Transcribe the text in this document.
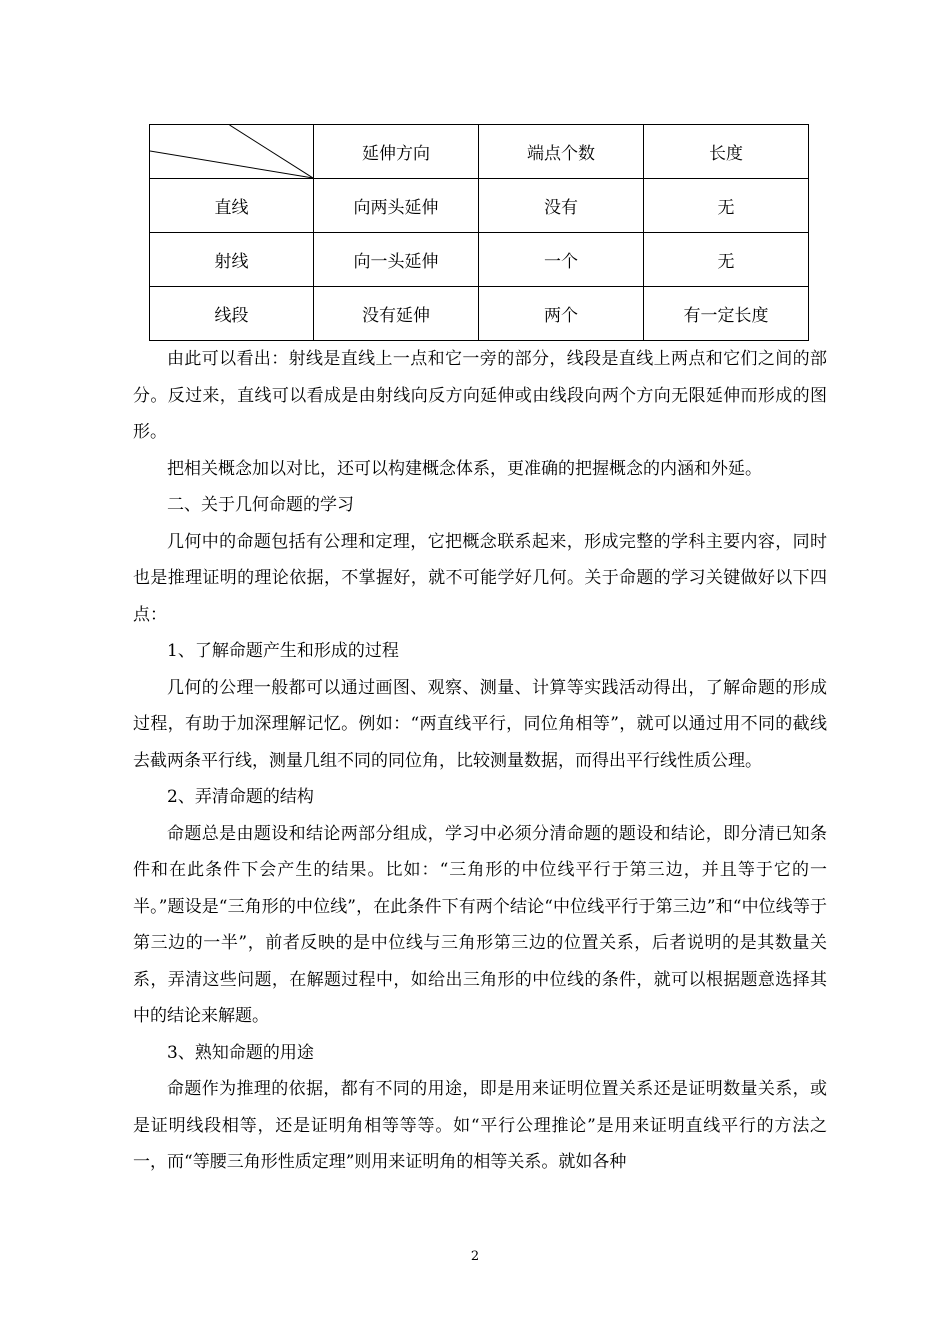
	延伸方向	端点个数	长度
直线	向两头延伸	没有	无
射线	向一头延伸	一个	无
线段	没有延伸	两个	有一定长度

由此可以看出：射线是直线上一点和它一旁的部分，线段是直线上两点和它们之间的部分。反过来，直线可以看成是由射线向反方向延伸或由线段向两个方向无限延伸而形成的图形。

把相关概念加以对比，还可以构建概念体系，更准确的把握概念的内涵和外延。

二、关于几何命题的学习

几何中的命题包括有公理和定理，它把概念联系起来，形成完整的学科主要内容，同时也是推理证明的理论依据，不掌握好，就不可能学好几何。关于命题的学习关键做好以下四点：

1、了解命题产生和形成的过程

几何的公理一般都可以通过画图、观察、测量、计算等实践活动得出，了解命题的形成过程，有助于加深理解记忆。例如：“两直线平行，同位角相等”，就可以通过用不同的截线去截两条平行线，测量几组不同的同位角，比较测量数据，而得出平行线性质公理。

2、弄清命题的结构

命题总是由题设和结论两部分组成，学习中必须分清命题的题设和结论，即分清已知条件和在此条件下会产生的结果。比如：“三角形的中位线平行于第三边，并且等于它的一半。”题设是“三角形的中位线”，在此条件下有两个结论“中位线平行于第三边”和“中位线等于第三边的一半”，前者反映的是中位线与三角形第三边的位置关系，后者说明的是其数量关系，弄清这些问题，在解题过程中，如给出三角形的中位线的条件，就可以根据题意选择其中的结论来解题。

3、熟知命题的用途

命题作为推理的依据，都有不同的用途，即是用来证明位置关系还是证明数量关系，或是证明线段相等，还是证明角相等等等。如“平行公理推论”是用来证明直线平行的方法之一，而“等腰三角形性质定理”则用来证明角的相等关系。就如各种

2
